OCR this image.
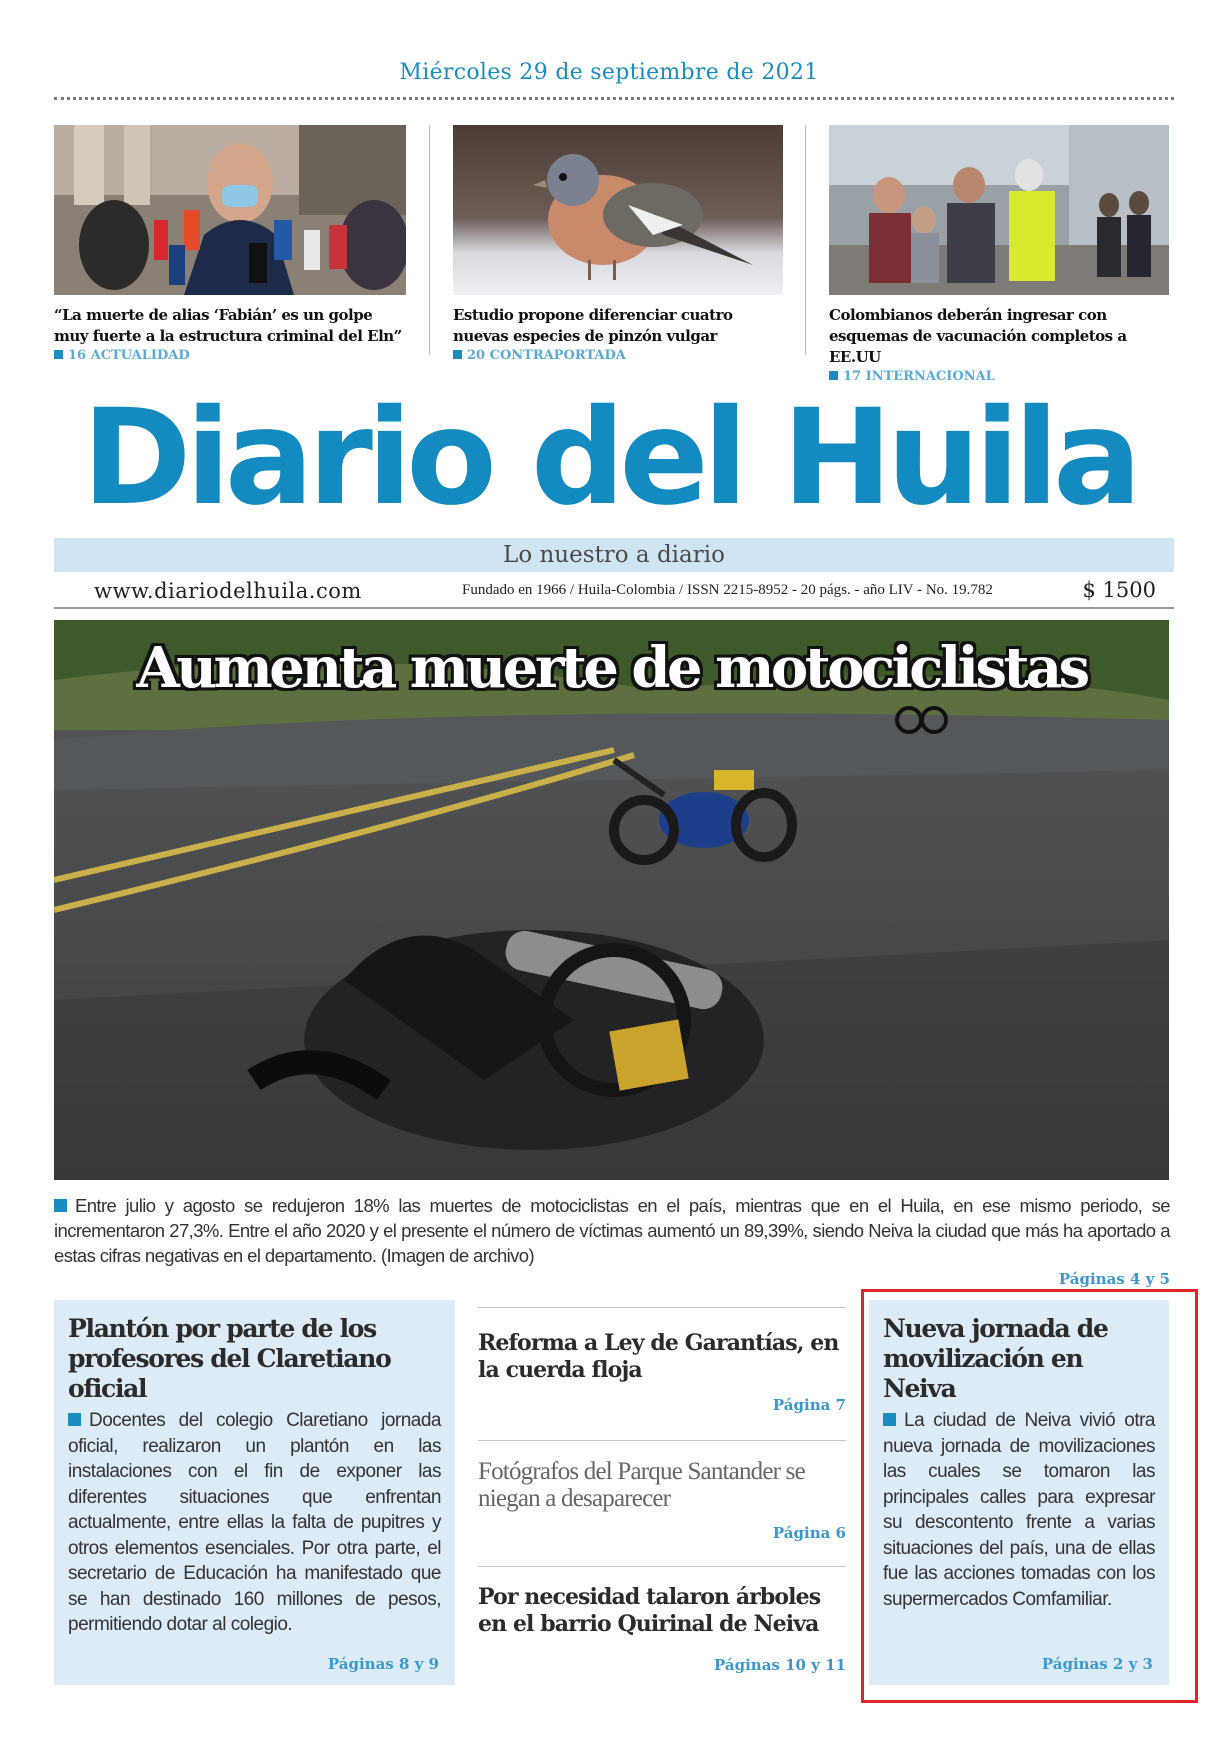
Miércoles 29 de septiembre de 2021
“La muerte de alias ‘Fabián’ es un golpe
muy fuerte a la estructura criminal del Eln”
16 ACTUALIDAD
Estudio propone diferenciar cuatro
nuevas especies de pinzón vulgar
20 CONTRAPORTADA
Colombianos deberán ingresar con
esquemas de vacunación completos a EE.UU
17 INTERNACIONAL
Diario del Huila
Lo nuestro a diario
www.diariodelhuila.com	Fundado en 1966 / Huila-Colombia / ISSN 2215-8952 - 20 págs. - año LIV - No. 19.782	$ 1500
Aumenta muerte de motociclistas
Entre julio y agosto se redujeron 18% las muertes de motociclistas en el país, mientras que en el Huila, en ese mismo periodo, se incrementaron 27,3%. Entre el año 2020 y el presente el número de víctimas aumentó un 89,39%, siendo Neiva la ciudad que más ha aportado a estas cifras negativas en el departamento. (Imagen de archivo)
Páginas 4 y 5
Plantón por parte de los profesores del Claretiano oficial

Docentes del colegio Claretiano jornada oficial, realizaron un plantón en las instalaciones con el fin de exponer las diferentes situaciones que enfrentan actualmente, entre ellas la falta de pupitres y otros elementos esenciales. Por otra parte, el secretario de Educación ha manifestado que se han destinado 160 millones de pesos, permitiendo dotar al colegio.

Páginas 8 y 9
Reforma a Ley de Garantías, en la cuerda floja
Página 7
Fotógrafos del Parque Santander se niegan a desaparecer
Página 6
Por necesidad talaron árboles en el barrio Quirinal de Neiva
Páginas 10 y 11
Nueva jornada de movilización en Neiva

La ciudad de Neiva vivió otra nueva jornada de movilizaciones las cuales se tomaron las principales calles para expresar su descontento frente a varias situaciones del país, una de ellas fue las acciones tomadas con los supermercados Comfamiliar.

Páginas 2 y 3
